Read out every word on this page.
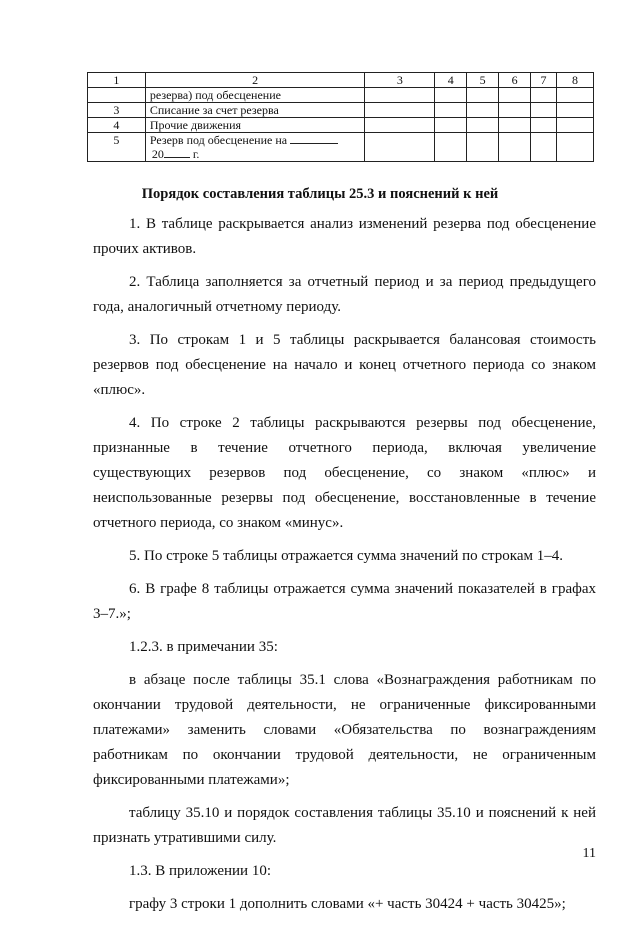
1	2	3	4	5	6	7	8
	резерва) под обесценение						
3	Списание за счет резерва						
4	Прочие движения						
5	Резерв под обесценение на
20 г.						
Порядок составления таблицы 25.3 и пояснений к ней

1. В таблице раскрывается анализ изменений резерва под обесценение прочих активов.

2. Таблица заполняется за отчетный период и за период предыдущего года, аналогичный отчетному периоду.

3. По строкам 1 и 5 таблицы раскрывается балансовая стоимость резервов под обесценение на начало и конец отчетного периода со знаком «плюс».

4. По строке 2 таблицы раскрываются резервы под обесценение, признанные в течение отчетного периода, включая увеличение существующих резервов под обесценение, со знаком «плюс» и неиспользованные резервы под обесценение, восстановленные в течение отчетного периода, со знаком «минус».

5. По строке 5 таблицы отражается сумма значений по строкам 1–4.

6. В графе 8 таблицы отражается сумма значений показателей в графах 3–7.»;

1.2.3. в примечании 35:

в абзаце после таблицы 35.1 слова «Вознаграждения работникам по окончании трудовой деятельности, не ограниченные фиксированными платежами» заменить словами «Обязательства по вознаграждениям работникам по окончании трудовой деятельности, не ограниченным фиксированными платежами»;

таблицу 35.10 и порядок составления таблицы 35.10 и пояснений к ней признать утратившими силу.

1.3. В приложении 10:

графу 3 строки 1 дополнить словами «+ часть 30424 + часть 30425»;

11
